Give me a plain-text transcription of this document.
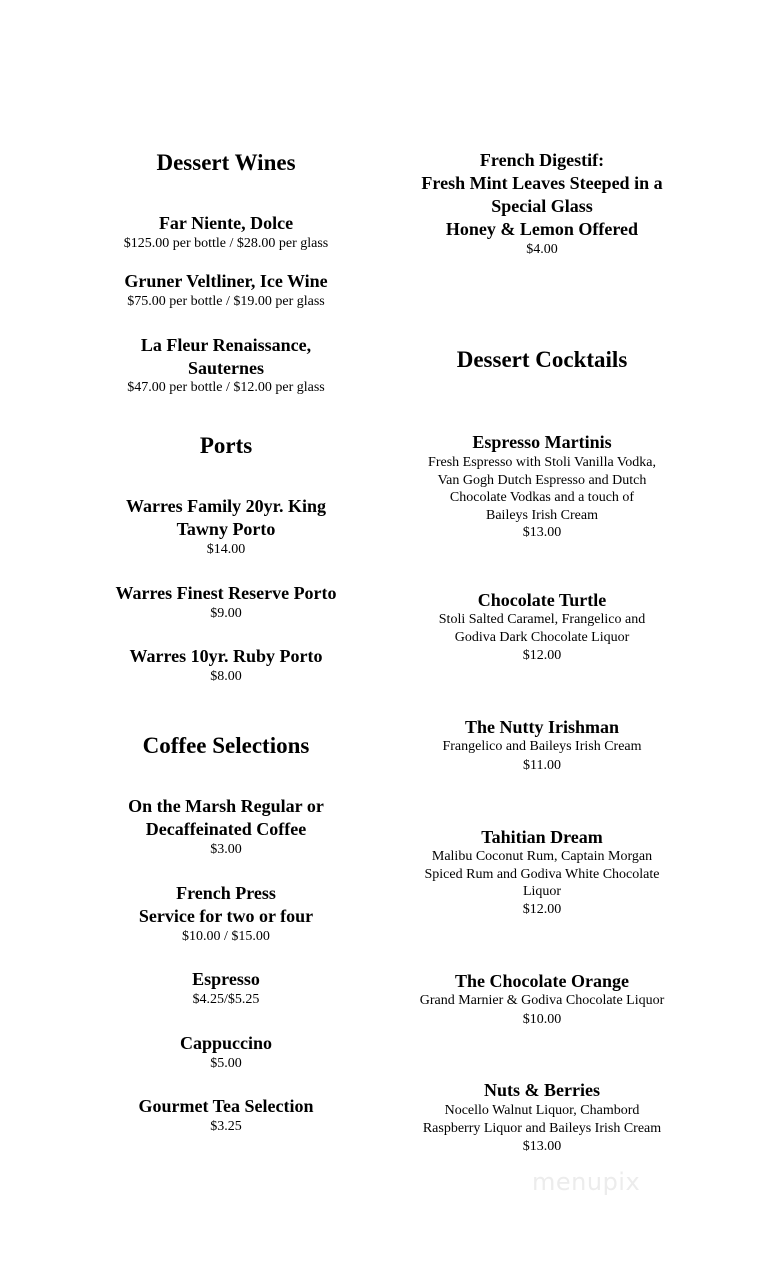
Dessert Wines
Far Niente, Dolce
$125.00 per bottle / $28.00 per glass
Gruner Veltliner, Ice Wine
$75.00 per bottle / $19.00 per glass
La Fleur Renaissance,
Sauternes
$47.00 per bottle / $12.00 per glass
Ports
Warres Family 20yr. King
Tawny Porto
$14.00
Warres Finest Reserve Porto
$9.00
Warres 10yr. Ruby Porto
$8.00
Coffee Selections
On the Marsh Regular or
Decaffeinated Coffee
$3.00
French Press
Service for two or four
$10.00 / $15.00
Espresso
$4.25/$5.25
Cappuccino
$5.00
Gourmet Tea Selection
$3.25
French Digestif:
Fresh Mint Leaves Steeped in a
Special Glass
Honey & Lemon Offered
$4.00
Dessert Cocktails
Espresso Martinis
Fresh Espresso with Stoli Vanilla Vodka,
Van Gogh Dutch Espresso and Dutch
Chocolate Vodkas and a touch of
Baileys Irish Cream
$13.00
Chocolate Turtle
Stoli Salted Caramel, Frangelico and
Godiva Dark Chocolate Liquor
$12.00
The Nutty Irishman
Frangelico and Baileys Irish Cream
$11.00
Tahitian Dream
Malibu Coconut Rum, Captain Morgan
Spiced Rum and Godiva White Chocolate
Liquor
$12.00
The Chocolate Orange
Grand Marnier & Godiva Chocolate Liquor
$10.00
Nuts & Berries
Nocello Walnut Liquor, Chambord
Raspberry Liquor and Baileys Irish Cream
$13.00
menupix
